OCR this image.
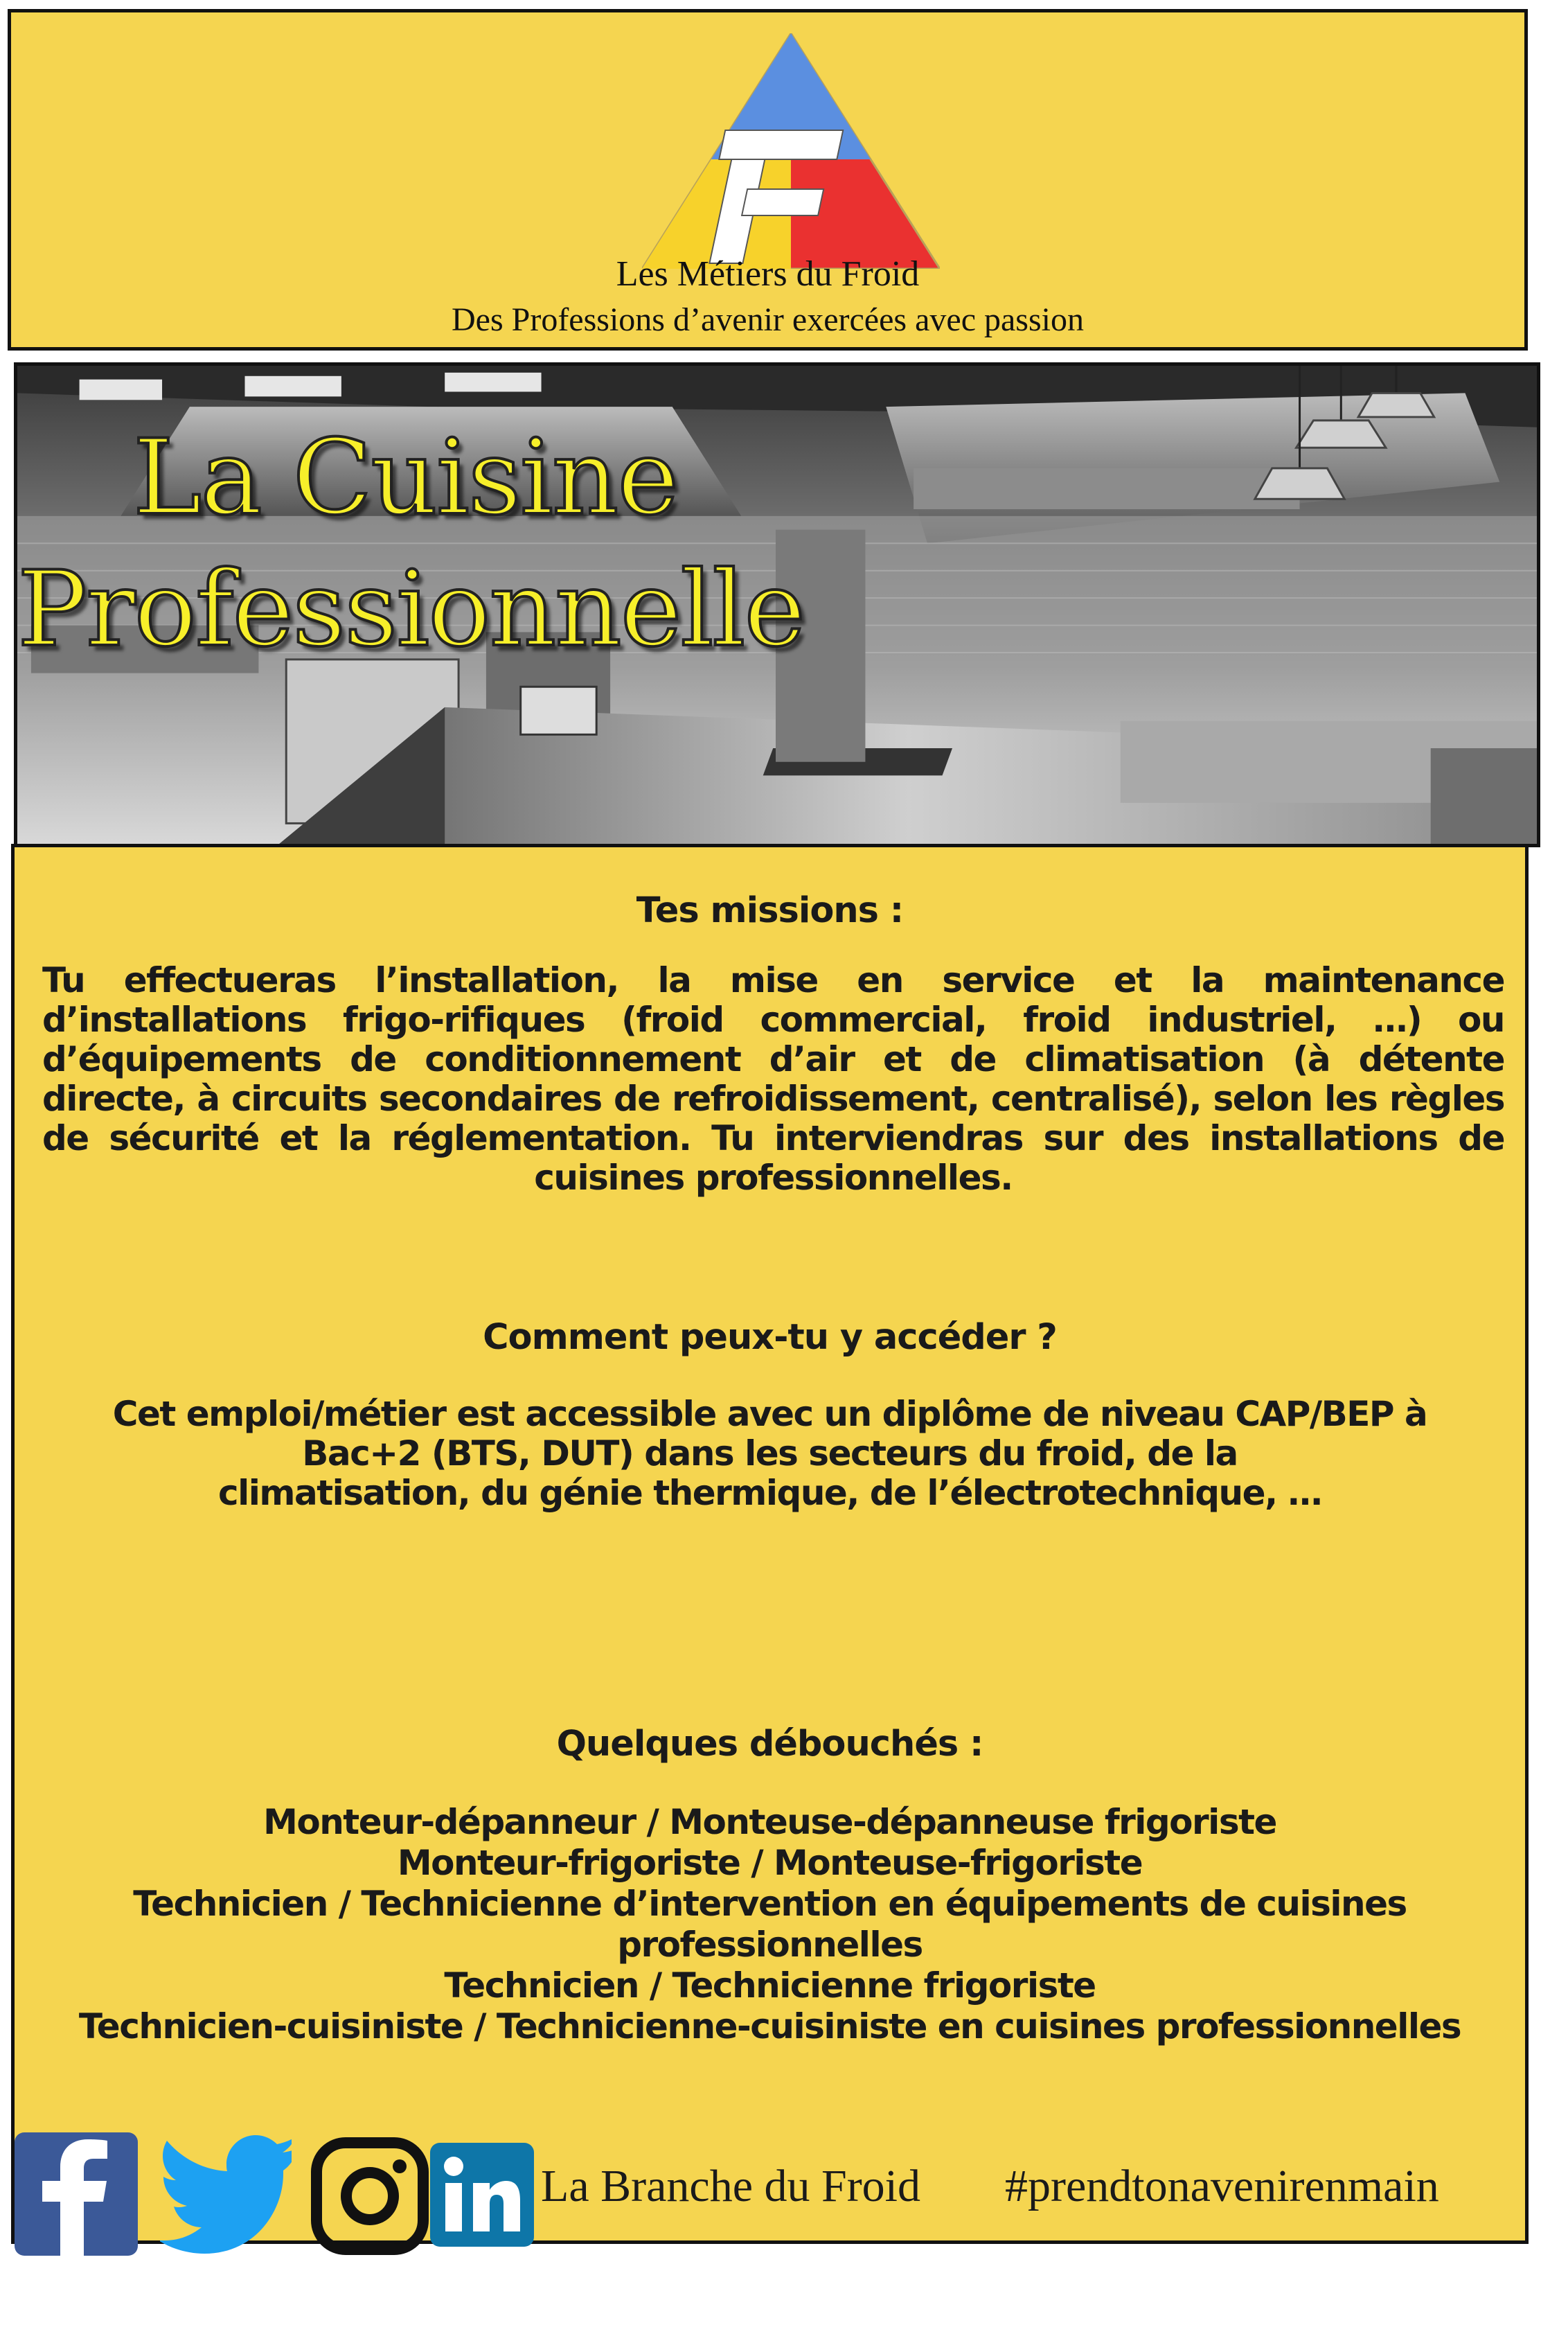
Les Métiers du Froid
Des Professions d’avenir exercées avec passion
La Cuisine
Professionnelle
Tes missions :
Tu effectueras l’installation, la mise en service et la maintenance d’installations frigo-rifiques (froid commercial, froid industriel, …) ou d’équipements de conditionnement d’air et de climatisation (à détente directe, à circuits secondaires de refroidissement, centralisé), selon les règles de sécurité et la réglementation. Tu interviendras sur des installations de cuisines professionnelles.
Comment peux-tu y accéder ?
Cet emploi/métier est accessible avec un diplôme de niveau CAP/BEP à Bac+2 (BTS, DUT) dans les secteurs du froid, de la
climatisation, du génie thermique, de l’électrotechnique, …
Quelques débouchés :
Monteur-dépanneur / Monteuse-dépanneuse frigoriste
Monteur-frigoriste / Monteuse-frigoriste
Technicien / Technicienne d’intervention en équipements de cuisines professionnelles
Technicien / Technicienne frigoriste
Technicien-cuisiniste / Technicienne-cuisiniste en cuisines professionnelles
La Branche du Froid #prendtonavenirenmain
